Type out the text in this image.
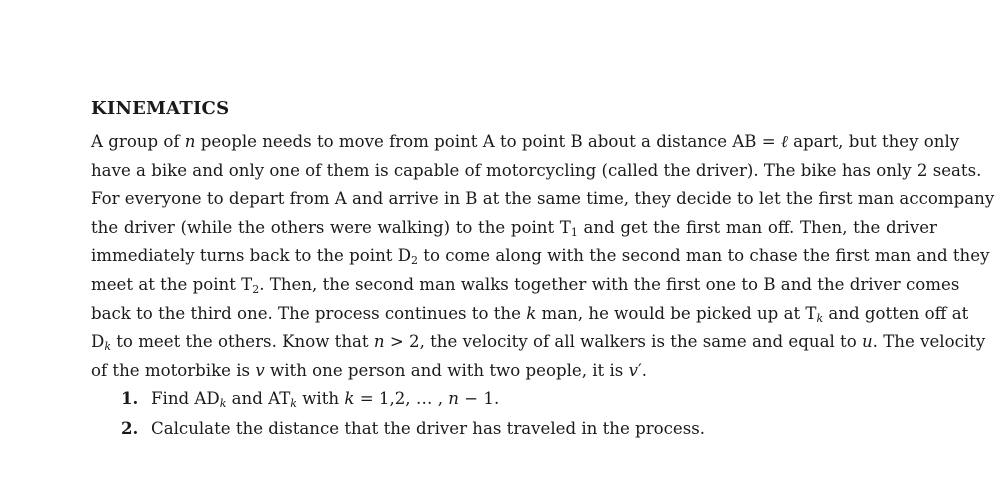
KINEMATICS
A group of n people needs to move from point A to point B about a distance AB = ℓ apart, but they only
have a bike and only one of them is capable of motorcycling (called the driver). The bike has only 2 seats.
For everyone to depart from A and arrive in B at the same time, they decide to let the first man accompany
the driver (while the others were walking) to the point $T_1$ and get the first man off. Then, the driver
immediately turns back to the point $D_2$ to come along with the second man to chase the first man and they
meet at the point $T_2$. Then, the second man walks together with the first one to B and the driver comes
back to the third one. The process continues to the k man, he would be picked up at $T_k$ and gotten off at
$D_k$ to meet the others. Know that n > 2, the velocity of all walkers is the same and equal to u. The velocity
of the motorbike is v with one person and with two people, it is v′.
1. Find $AD_k$ and $AT_k$ with k = 1,2, … , n − 1.
2. Calculate the distance that the driver has traveled in the process.
